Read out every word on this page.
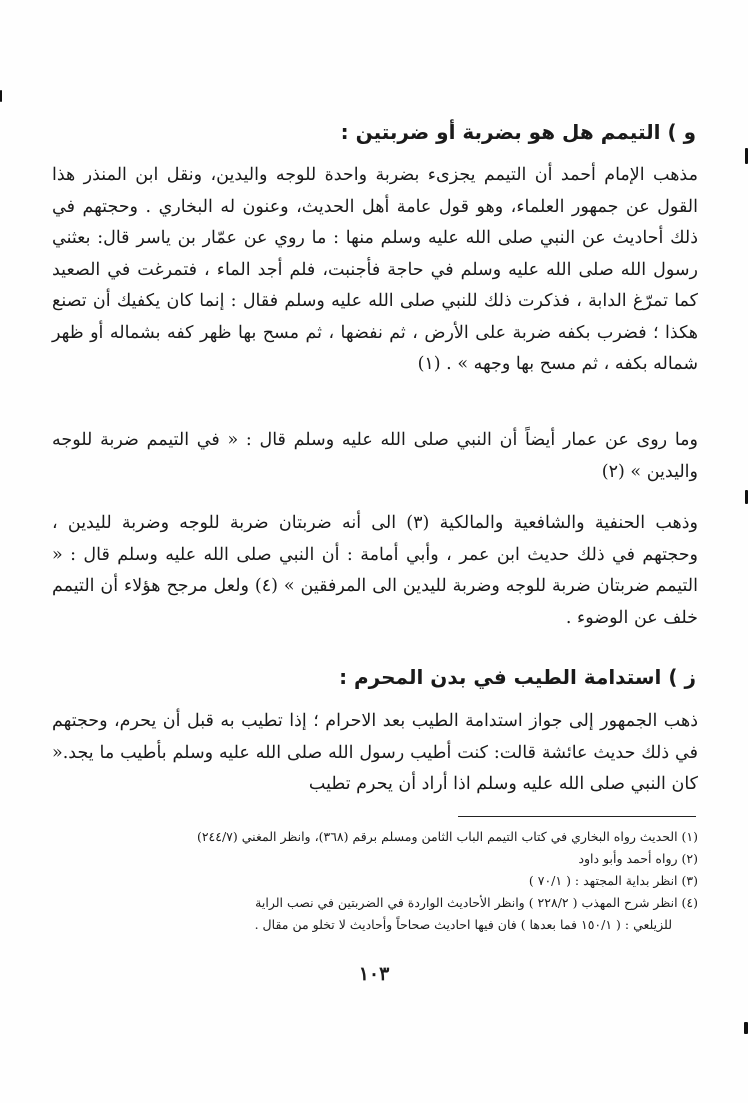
و ) التيمم هل هو بضربة أو ضربتين :

مذهب الإمام أحمد أن التيمم يجزىء بضربة واحدة للوجه واليدين، ونقل ابن المنذر هذا القول عن جمهور العلماء، وهو قول عامة أهل الحديث، وعنون له البخاري . وحجتهم في ذلك أحاديث عن النبي صلى الله عليه وسلم منها : ما روي عن عمّار بن ياسر قال: بعثني رسول الله صلى الله عليه وسلم في حاجة فأجنبت، فلم أجد الماء ، فتمرغت في الصعيد كما تمرّغ الدابة ، فذكرت ذلك للنبي صلى الله عليه وسلم فقال : إنما كان يكفيك أن تصنع هكذا ؛ فضرب بكفه ضربة على الأرض ، ثم نفضها ، ثم مسح بها ظهر كفه بشماله أو ظهر شماله بكفه ، ثم مسح بها وجهه » . (١)

وما روى عن عمار أيضاً أن النبي صلى الله عليه وسلم قال : « في التيمم ضربة للوجه واليدين » (٢)

وذهب الحنفية والشافعية والمالكية (٣) الى أنه ضربتان ضربة للوجه وضربة لليدين ، وحجتهم في ذلك حديث ابن عمر ، وأبي أمامة : أن النبي صلى الله عليه وسلم قال : « التيمم ضربتان ضربة للوجه وضربة لليدين الى المرفقين » (٤) ولعل مرجح هؤلاء أن التيمم خلف عن الوضوء .

ز ) استدامة الطيب في بدن المحرم :

ذهب الجمهور إلى جواز استدامة الطيب بعد الاحرام ؛ إذا تطيب به قبل أن يحرم، وحجتهم في ذلك حديث عائشة قالت: كنت أطيب رسول الله صلى الله عليه وسلم بأطيب ما يجد.« كان النبي صلى الله عليه وسلم اذا أراد أن يحرم تطيب

(١) الحديث رواه البخاري في كتاب التيمم الباب الثامن ومسلم برقم (٣٦٨)، وانظر المغني (٢٤٤/٧)
(٢) رواه أحمد وأبو داود
(٣) انظر بداية المجتهد : ( ٧٠/١ )
(٤) انظر شرح المهذب ( ٢٢٨/٢ ) وانظر الأحاديث الواردة في الضربتين في نصب الراية
للزيلعي : ( ١٥٠/١ فما بعدها ) فان فيها احاديث صحاحاً وأحاديث لا تخلو من مقال .
١٠٣
